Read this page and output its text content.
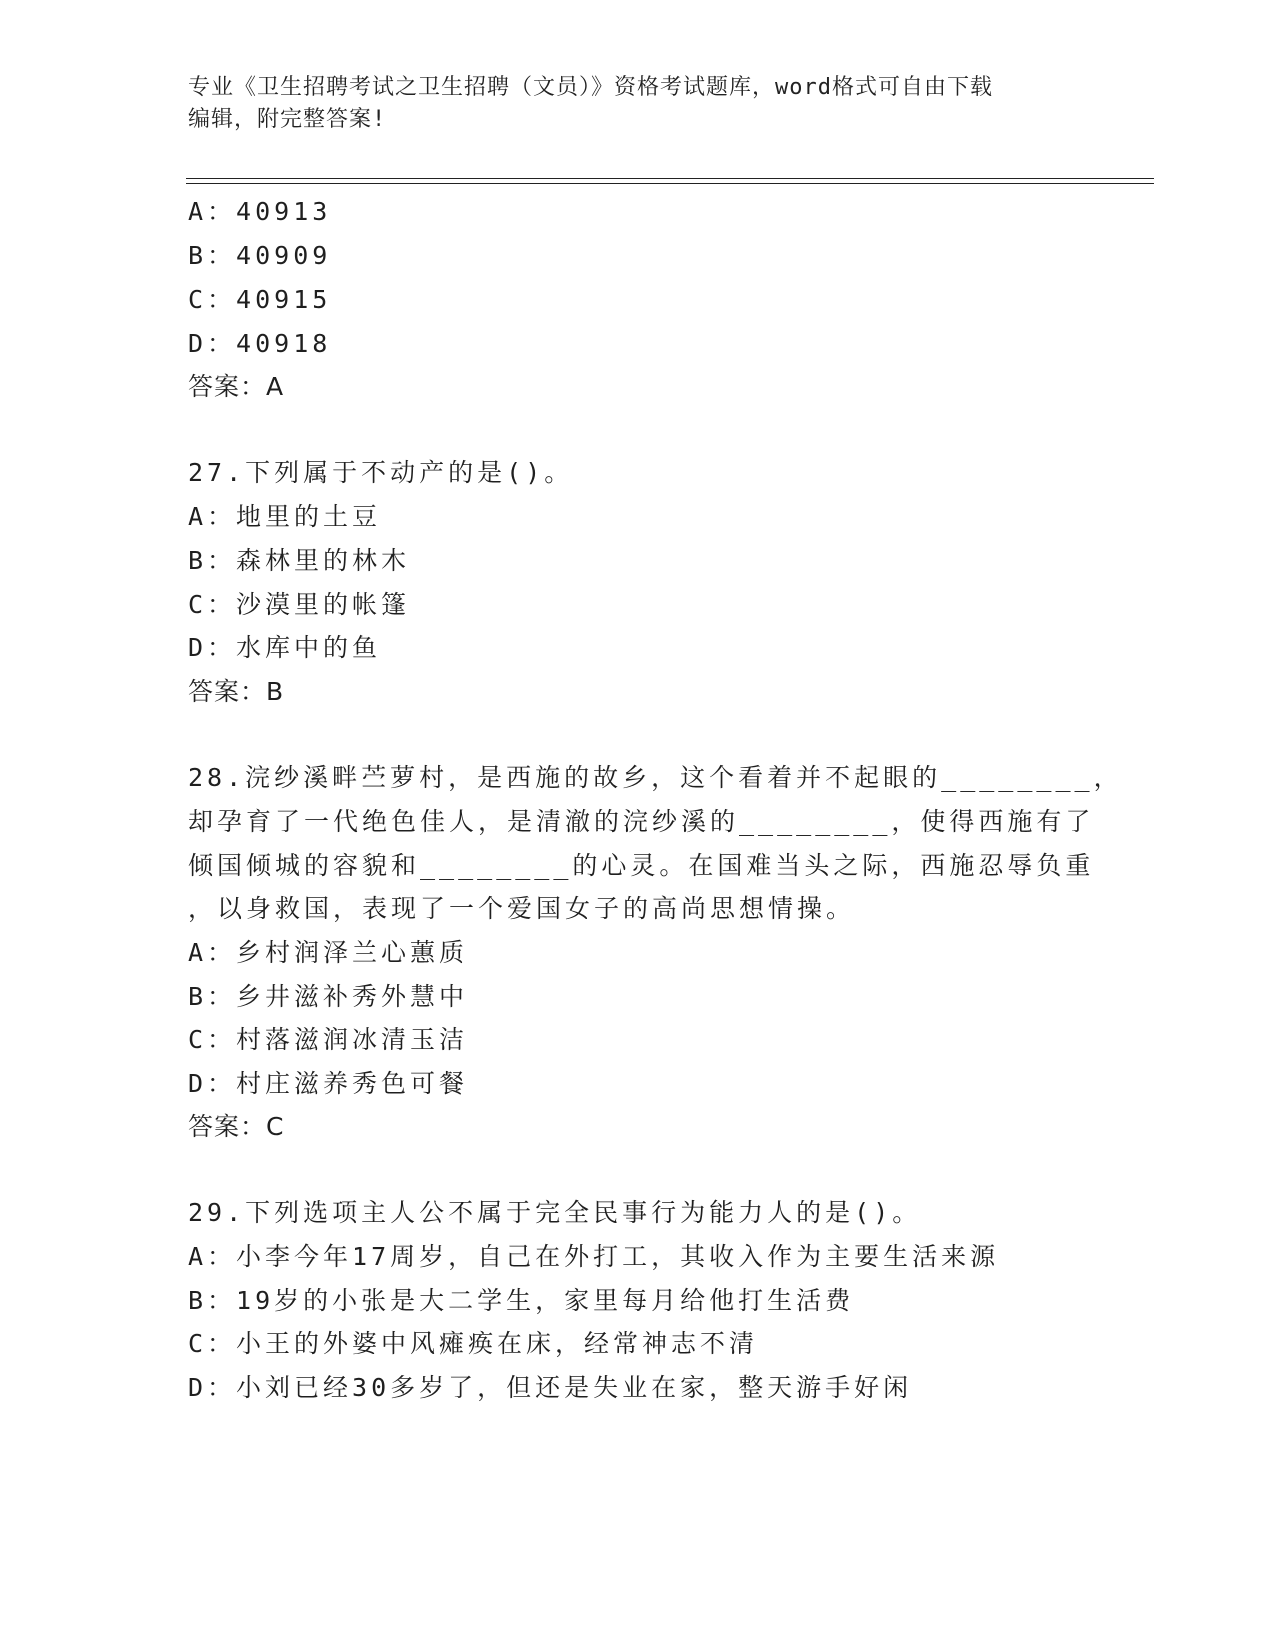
专业《卫生招聘考试之卫生招聘（文员）》资格考试题库，word格式可自由下载
编辑，附完整答案!
A：40913
B：40909
C：40915
D：40918
答案：A
27.下列属于不动产的是()。
A：地里的土豆
B：森林里的林木
C：沙漠里的帐篷
D：水库中的鱼
答案：B
28.浣纱溪畔苎萝村，是西施的故乡，这个看着并不起眼的________，
却孕育了一代绝色佳人，是清澈的浣纱溪的________，使得西施有了
倾国倾城的容貌和________的心灵。在国难当头之际，西施忍辱负重
，以身救国，表现了一个爱国女子的高尚思想情操。
A：乡村润泽兰心蕙质
B：乡井滋补秀外慧中
C：村落滋润冰清玉洁
D：村庄滋养秀色可餐
答案：C
29.下列选项主人公不属于完全民事行为能力人的是()。
A：小李今年17周岁，自己在外打工，其收入作为主要生活来源
B：19岁的小张是大二学生，家里每月给他打生活费
C：小王的外婆中风瘫痪在床，经常神志不清
D：小刘已经30多岁了，但还是失业在家，整天游手好闲
